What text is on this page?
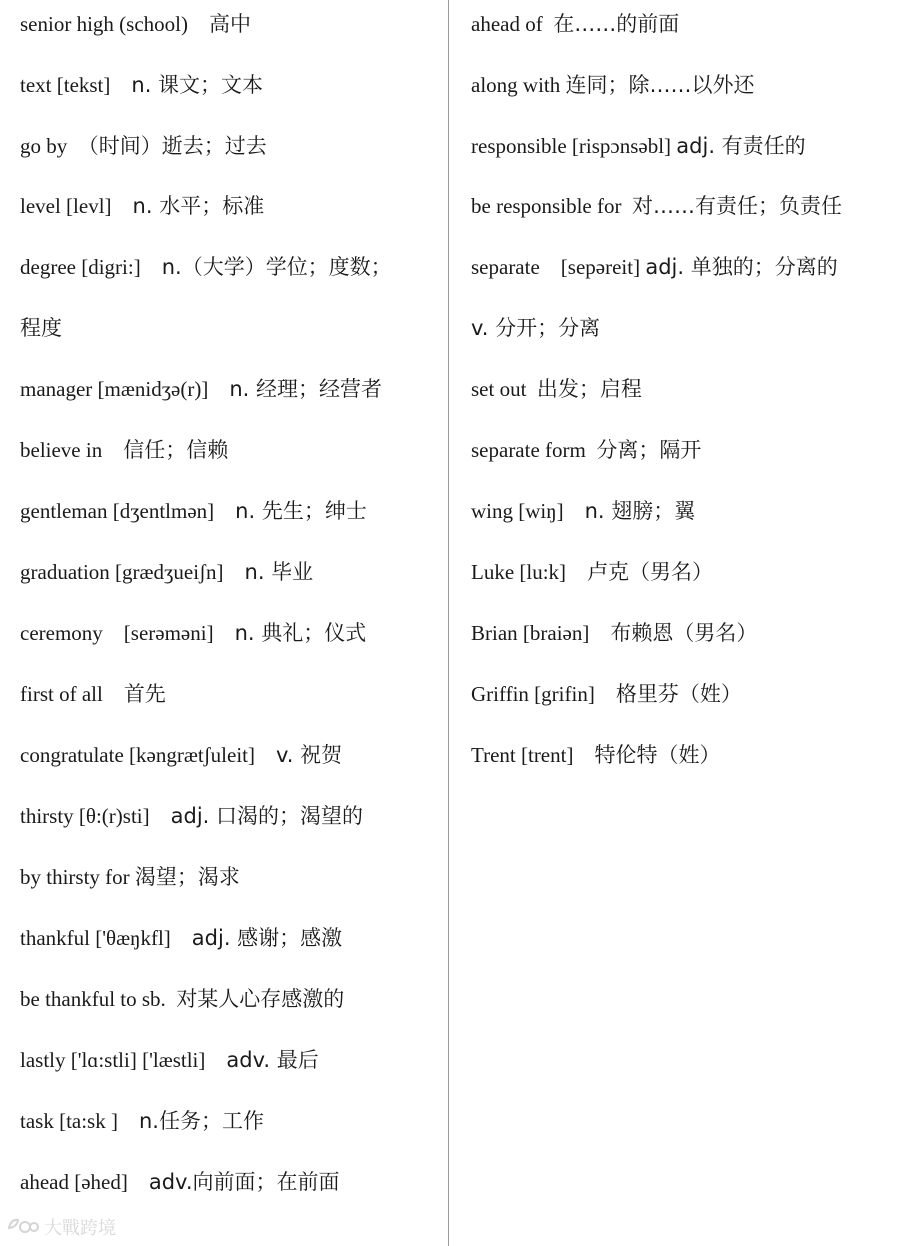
senior high (school) 高中
text [tekst] n. 课文；文本
go by （时间）逝去；过去
level [levl] n. 水平；标准
degree [digri:] n.（大学）学位；度数；
程度
manager [mænidʒə(r)] n. 经理；经营者
believe in 信任；信赖
gentleman [dʒentlmən] n. 先生；绅士
graduation [grædʒueiʃn] n. 毕业
ceremony    [serəməni] n. 典礼；仪式
first of all 首先
congratulate [kəngrætʃuleit] v. 祝贺
thirsty [θ:(r)sti] adj. 口渴的；渴望的
by thirsty for 渴望；渴求
thankful ['θæŋkfl] adj. 感谢；感激
be thankful to sb. 对某人心存感激的
lastly ['lɑ:stli] ['læstli] adv. 最后
task [ta:sk ] n.任务；工作
ahead [əhed] adv.向前面；在前面
ahead of 在……的前面
along with 连同；除……以外还
responsible [rispɔnsəbl] adj. 有责任的
be responsible for 对……有责任；负责任
separate    [sepəreit] adj. 单独的；分离的
v. 分开；分离
set out 出发；启程
separate form 分离；隔开
wing [wiŋ] n. 翅膀；翼
Luke [lu:k] 卢克（男名）
Brian [braiən] 布赖恩（男名）
Griffin [grifin] 格里芬（姓）
Trent [trent] 特伦特（姓）
大戰跨境
